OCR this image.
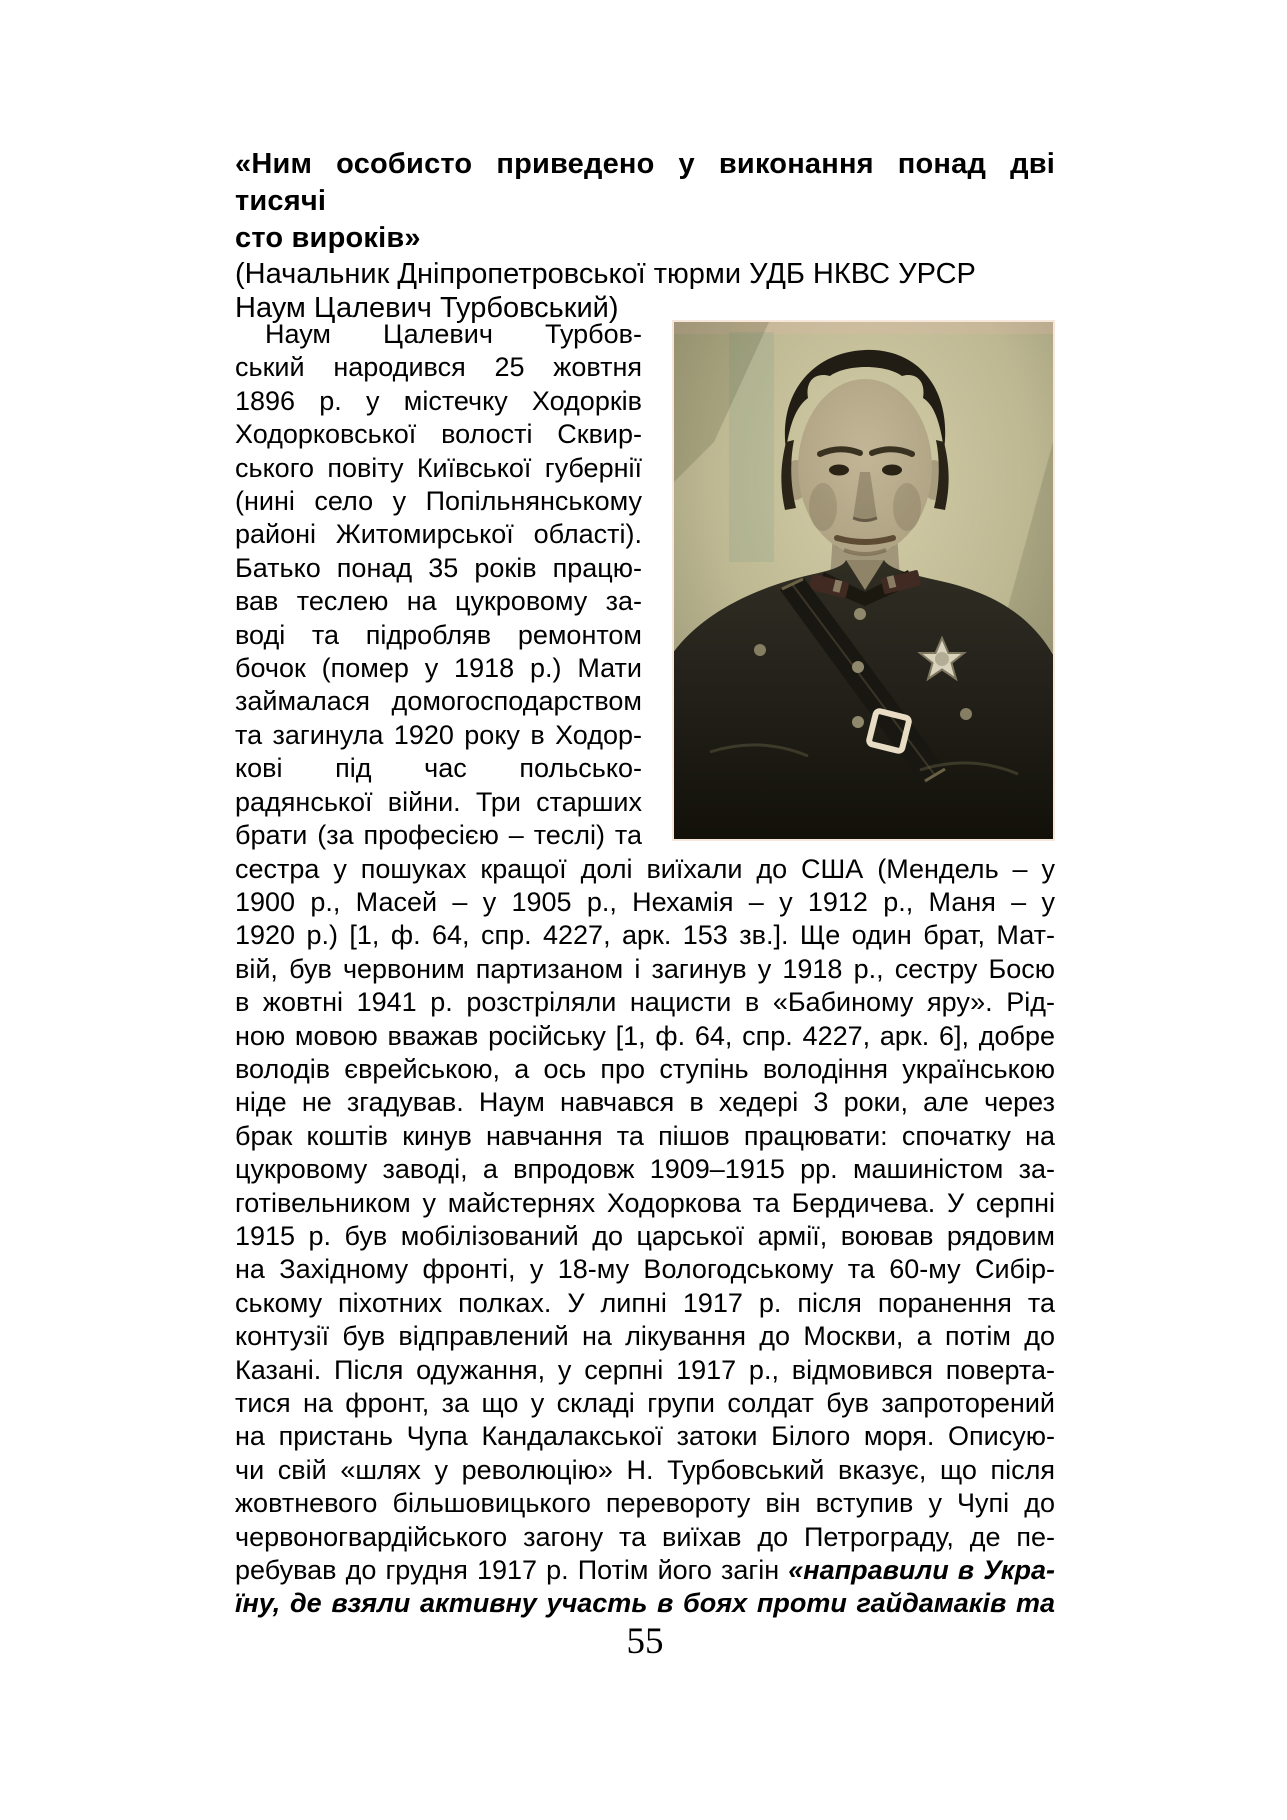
«Ним особисто приведено у виконання понад дві тисячі
сто вироків»
(Начальник Дніпропетровської тюрми УДБ НКВС УРСР
Наум Цалевич Турбовський)
Наум Цалевич Турбов-
ський народився 25 жовтня
1896 р. у містечку Ходорків
Ходорковської волості Сквир-
ського повіту Київської губернії
(нині село у Попільнянському
районі Житомирської області).
Батько понад 35 років працю-
вав теслею на цукровому за-
воді та підробляв ремонтом
бочок (помер у 1918 р.) Мати
займалася домогосподарством
та загинула 1920 року в Ходор-
кові під час польсько-
радянської війни. Три старших
брати (за професією – теслі) та
сестра у пошуках кращої долі виїхали до США (Мендель – у
1900 р., Масей – у 1905 р., Нехамія – у 1912 р., Маня – у
1920 р.) [1, ф. 64, спр. 4227, арк. 153 зв.]. Ще один брат, Мат-
вій, був червоним партизаном і загинув у 1918 р., сестру Босю
в жовтні 1941 р. розстріляли нацисти в «Бабиному яру». Рід-
ною мовою вважав російську [1, ф. 64, спр. 4227, арк. 6], добре
володів єврейською, а ось про ступінь володіння українською
ніде не згадував. Наум навчався в хедері 3 роки, але через
брак коштів кинув навчання та пішов працювати: спочатку на
цукровому заводі, а впродовж 1909–1915 рр. машиністом за-
готівельником у майстернях Ходоркова та Бердичева. У серпні
1915 р. був мобілізований до царської армії, воював рядовим
на Західному фронті, у 18-му Вологодському та 60-му Сибір-
ському піхотних полках. У липні 1917 р. після поранення та
контузії був відправлений на лікування до Москви, а потім до
Казані. Після одужання, у серпні 1917 р., відмовився поверта-
тися на фронт, за що у складі групи солдат був запроторений
на пристань Чупа Кандалакської затоки Білого моря. Описую-
чи свій «шлях у революцію» Н. Турбовський вказує, що після
жовтневого більшовицького перевороту він вступив у Чупі до
червоногвардійського загону та виїхав до Петрограду, де пе-
ребував до грудня 1917 р. Потім його загін «направили в Укра-
їну, де взяли активну участь в боях проти гайдамаків та
55
